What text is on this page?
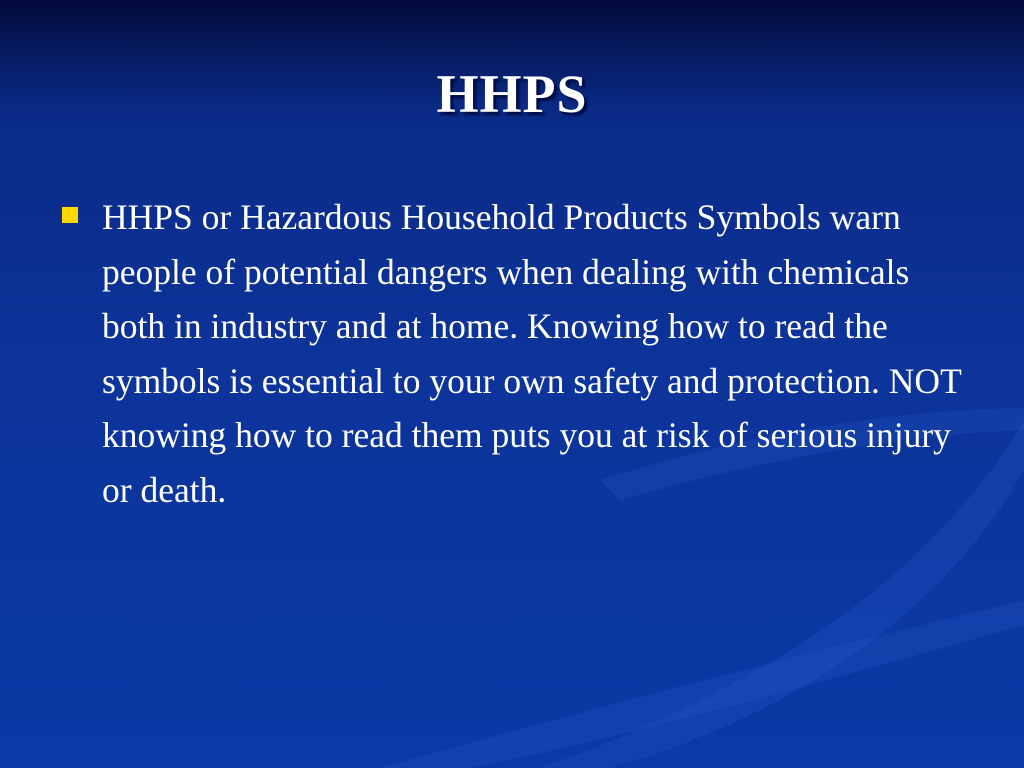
HHPS
HHPS or Hazardous Household Products Symbols warn people of potential dangers when dealing with chemicals both in industry and at home. Knowing how to read the symbols is essential to your own safety and protection. NOT knowing how to read them puts you at risk of serious injury or death.
